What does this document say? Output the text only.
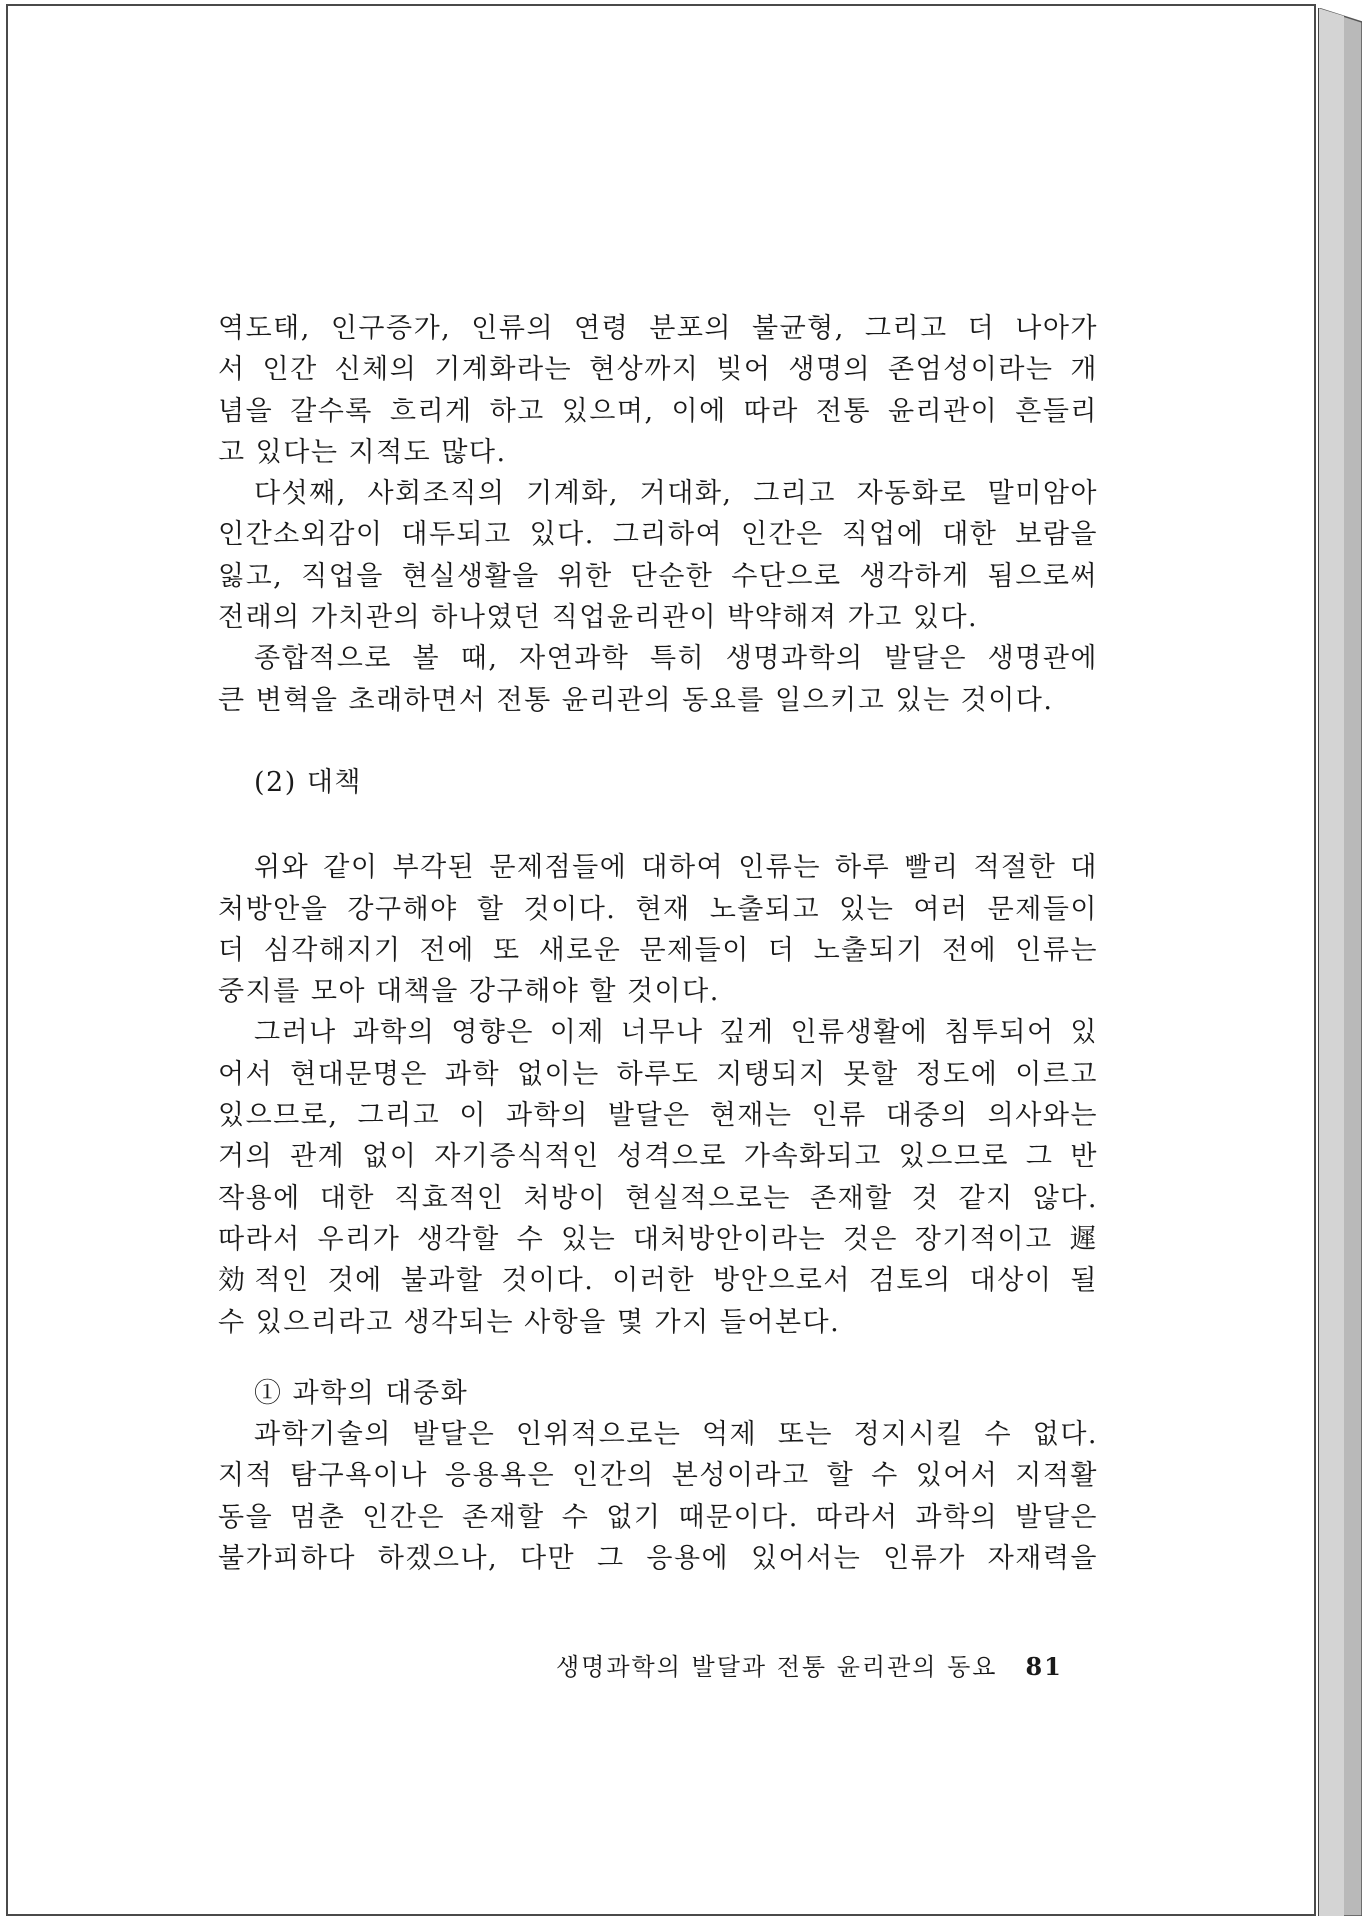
역도태, 인구증가, 인류의 연령 분포의 불균형, 그리고 더 나아가
서 인간 신체의 기계화라는 현상까지 빚어 생명의 존엄성이라는 개
념을 갈수록 흐리게 하고 있으며, 이에 따라 전통 윤리관이 흔들리
고 있다는 지적도 많다.
다섯째, 사회조직의 기계화, 거대화, 그리고 자동화로 말미암아
인간소외감이 대두되고 있다. 그리하여 인간은 직업에 대한 보람을
잃고, 직업을 현실생활을 위한 단순한 수단으로 생각하게 됨으로써
전래의 가치관의 하나였던 직업윤리관이 박약해져 가고 있다.
종합적으로 볼 때, 자연과학 특히 생명과학의 발달은 생명관에
큰 변혁을 초래하면서 전통 윤리관의 동요를 일으키고 있는 것이다.
(2) 대책
위와 같이 부각된 문제점들에 대하여 인류는 하루 빨리 적절한 대
처방안을 강구해야 할 것이다. 현재 노출되고 있는 여러 문제들이
더 심각해지기 전에 또 새로운 문제들이 더 노출되기 전에 인류는
중지를 모아 대책을 강구해야 할 것이다.
그러나 과학의 영향은 이제 너무나 깊게 인류생활에 침투되어 있
어서 현대문명은 과학 없이는 하루도 지탱되지 못할 정도에 이르고
있으므로, 그리고 이 과학의 발달은 현재는 인류 대중의 의사와는
거의 관계 없이 자기증식적인 성격으로 가속화되고 있으므로 그 반
작용에 대한 직효적인 처방이 현실적으로는 존재할 것 같지 않다.
따라서 우리가 생각할 수 있는 대처방안이라는 것은 장기적이고 遲
効적인 것에 불과할 것이다. 이러한 방안으로서 검토의 대상이 될
수 있으리라고 생각되는 사항을 몇 가지 들어본다.
① 과학의 대중화
과학기술의 발달은 인위적으로는 억제 또는 정지시킬 수 없다.
지적 탐구욕이나 응용욕은 인간의 본성이라고 할 수 있어서 지적활
동을 멈춘 인간은 존재할 수 없기 때문이다. 따라서 과학의 발달은
불가피하다 하겠으나, 다만 그 응용에 있어서는 인류가 자재력을
생명과학의 발달과 전통 윤리관의 동요 81
